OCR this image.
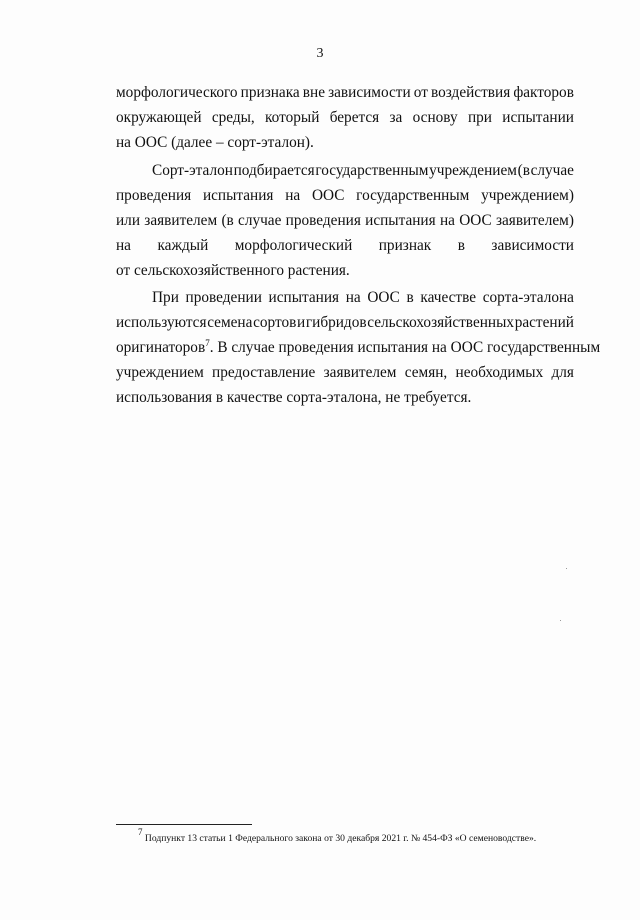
3
морфологического признака вне зависимости от воздействия факторов
окружающей среды, который берется за основу при испытании
на ООС (далее – сорт-эталон).
Сорт-эталон подбирается государственным учреждением (в случае
проведения испытания на ООС государственным учреждением)
или заявителем (в случае проведения испытания на ООС заявителем)
на каждый морфологический признак в зависимости
от сельскохозяйственного растения.
При проведении испытания на ООС в качестве сорта-эталона
используются семена сортов и гибридов сельскохозяйственных растений
оригинаторов$^7$. В случае проведения испытания на ООС государственным
учреждением предоставление заявителем семян, необходимых для
использования в качестве сорта-эталона, не требуется.
$^7$ Подпункт 13 статьи 1 Федерального закона от 30 декабря 2021 г. № 454-ФЗ «О семеноводстве».
